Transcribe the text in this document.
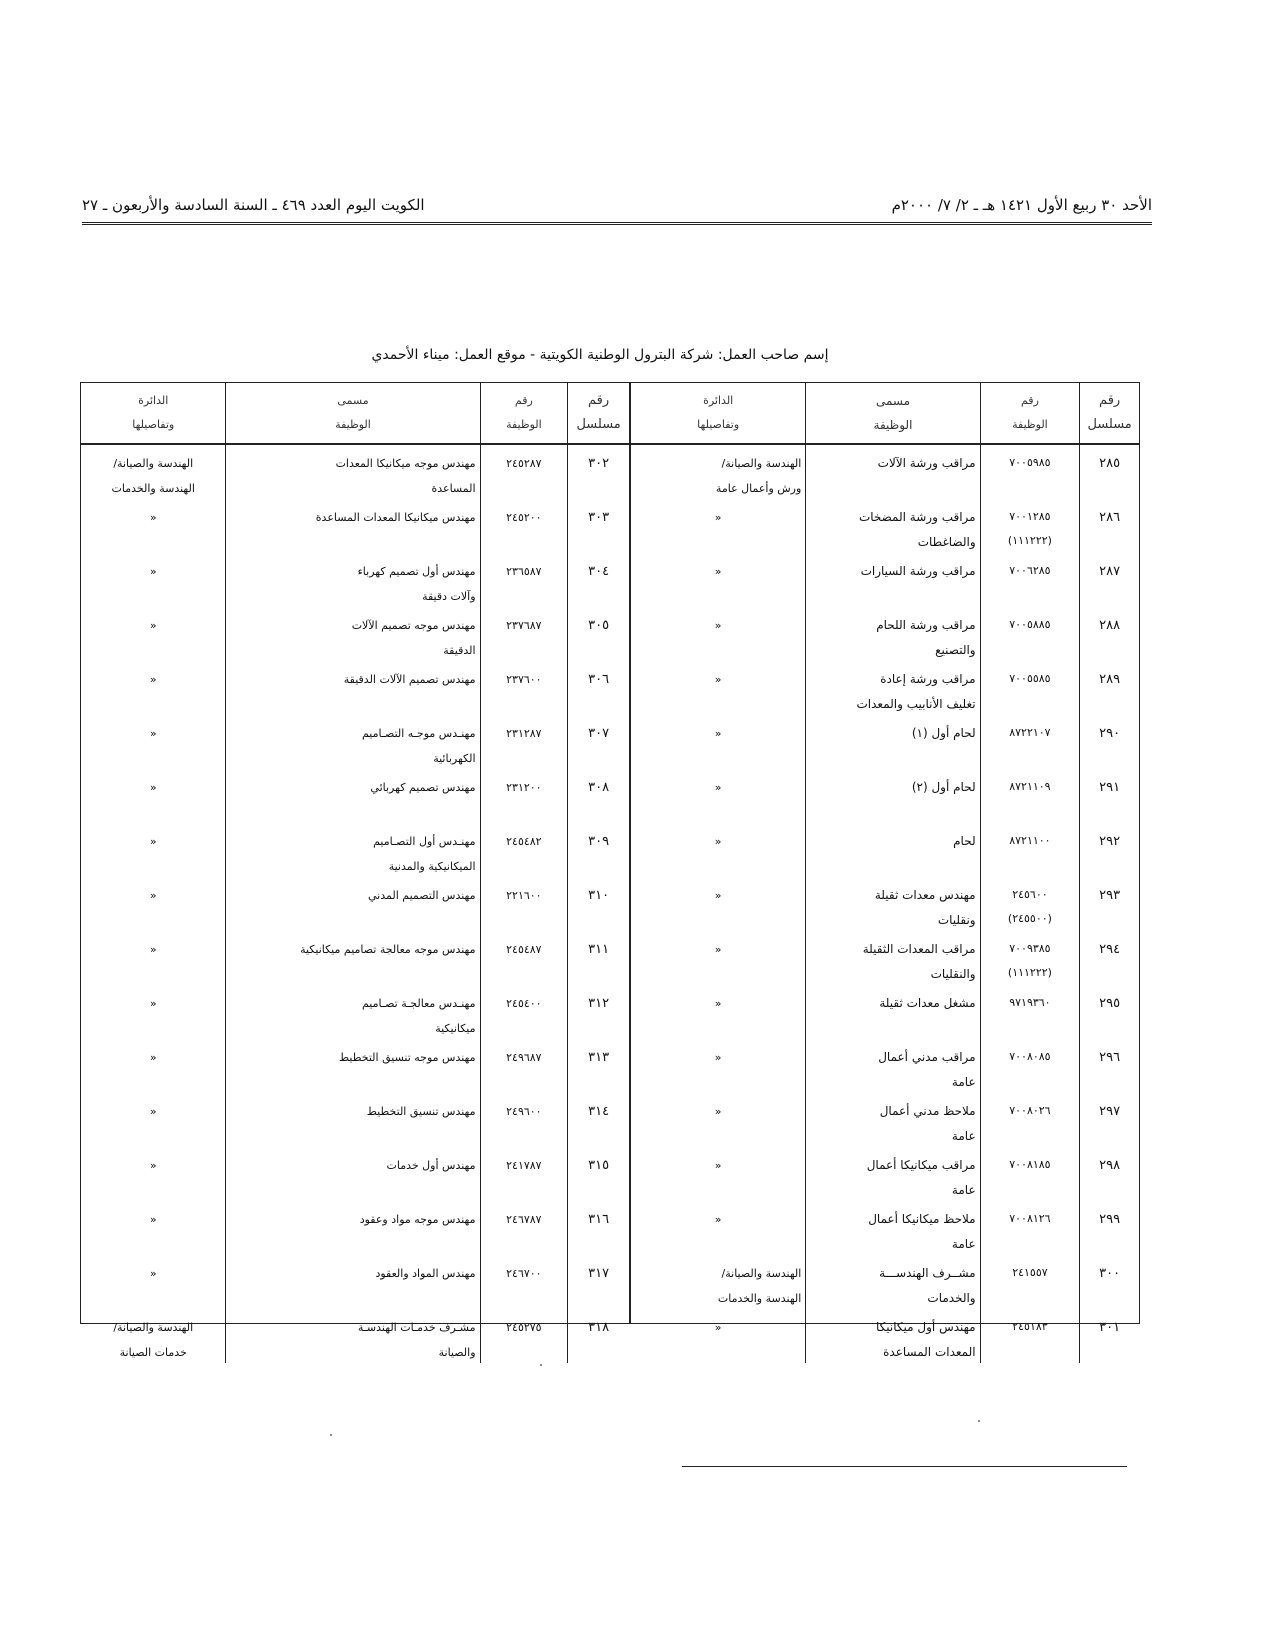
الأحد ٣٠ ربيع الأول ١٤٢١ هـ ـ ٢/ ٧/ ٢٠٠٠م
الكويت اليوم العدد ٤٦٩ ـ السنة السادسة والأربعون ـ ٢٧
إسم صاحب العمل: شركة البترول الوطنية الكويتية - موقع العمل: ميناء الأحمدي
رقم
مسلسل
رقم
الوظيفة
مسمى
الوظيفة
الدائرة
وتفاصيلها
٢٨٥
٧٠٠٥٩٨٥
مراقب ورشة الآلات
الهندسة والصيانة/
ورش وأعمال عامة
٢٨٦
٧٠٠١٢٨٥
(١١١٢٢٢)
مراقب ورشة المضخات
والضاغطات
«
٢٨٧
٧٠٠٦٢٨٥
مراقب ورشة السيارات
«
٢٨٨
٧٠٠٥٨٨٥
مراقب ورشة اللحام
والتصنيع
«
٢٨٩
٧٠٠٥٥٨٥
مراقب ورشة إعادة
تغليف الأنابيب والمعدات
«
٢٩٠
٨٧٢٢١٠٧
لحام أول (١)
«
٢٩١
٨٧٢١١٠٩
لحام أول (٢)
«
٢٩٢
٨٧٢١١٠٠
لحام
«
٢٩٣
٢٤٥٦٠٠
(٢٤٥٥٠٠)
مهندس معدات ثقيلة
ونقليات
«
٢٩٤
٧٠٠٩٣٨٥
(١١١٢٢٢)
مراقب المعدات الثقيلة
والنقليات
«
٢٩٥
٩٧١٩٣٦٠
مشغل معدات ثقيلة
«
٢٩٦
٧٠٠٨٠٨٥
مراقب مدني أعمال
عامة
«
٢٩٧
٧٠٠٨٠٢٦
ملاحظ مدني أعمال
عامة
«
٢٩٨
٧٠٠٨١٨٥
مراقب ميكانيكا أعمال
عامة
«
٢٩٩
٧٠٠٨١٢٦
ملاحظ ميكانيكا أعمال
عامة
«
٣٠٠
٢٤١٥٥٧
مشــرف الهندســـة
والخدمات
الهندسة والصيانة/
الهندسة والخدمات
٣٠١
٢٤٥١٨٣
مهندس أول ميكانيكا
المعدات المساعدة
«
رقم
مسلسل
رقم
الوظيفة
مسمى
الوظيفة
الدائرة
وتفاصيلها
٣٠٢
٢٤٥٢٨٧
مهندس موجه ميكانيكا المعدات
المساعدة
الهندسة والصيانة/
الهندسة والخدمات
٣٠٣
٢٤٥٢٠٠
مهندس ميكانيكا المعدات المساعدة
«
٣٠٤
٢٣٦٥٨٧
مهندس أول تصميم كهرباء
وآلات دقيقة
«
٣٠٥
٢٣٧٦٨٧
مهندس موجه تصميم الآلات
الدقيقة
«
٣٠٦
٢٣٧٦٠٠
مهندس تصميم الآلات الدقيقة
«
٣٠٧
٢٣١٢٨٧
مهنـدس موجـه التصـاميم
الكهربائية
«
٣٠٨
٢٣١٢٠٠
مهندس تصميم كهربائي
«
٣٠٩
٢٤٥٤٨٢
مهنـدس أول التصـاميم
الميكانيكية والمدنية
«
٣١٠
٢٢١٦٠٠
مهندس التصميم المدني
«
٣١١
٢٤٥٤٨٧
مهندس موجه معالجة تصاميم ميكانيكية
«
٣١٢
٢٤٥٤٠٠
مهنـدس معالجـة تصـاميم
ميكانيكية
«
٣١٣
٢٤٩٦٨٧
مهندس موجه تنسيق التخطيط
«
٣١٤
٢٤٩٦٠٠
مهندس تنسيق التخطيط
«
٣١٥
٢٤١٧٨٧
مهندس أول خدمات
«
٣١٦
٢٤٦٧٨٧
مهندس موجه مواد وعقود
«
٣١٧
٢٤٦٧٠٠
مهندس المواد والعقود
«
٣١٨
٢٤٥٢٧٥
مشـرف خدمـات الهندسـة
والصيانة
الهندسة والصيانة/
خدمات الصيانة
